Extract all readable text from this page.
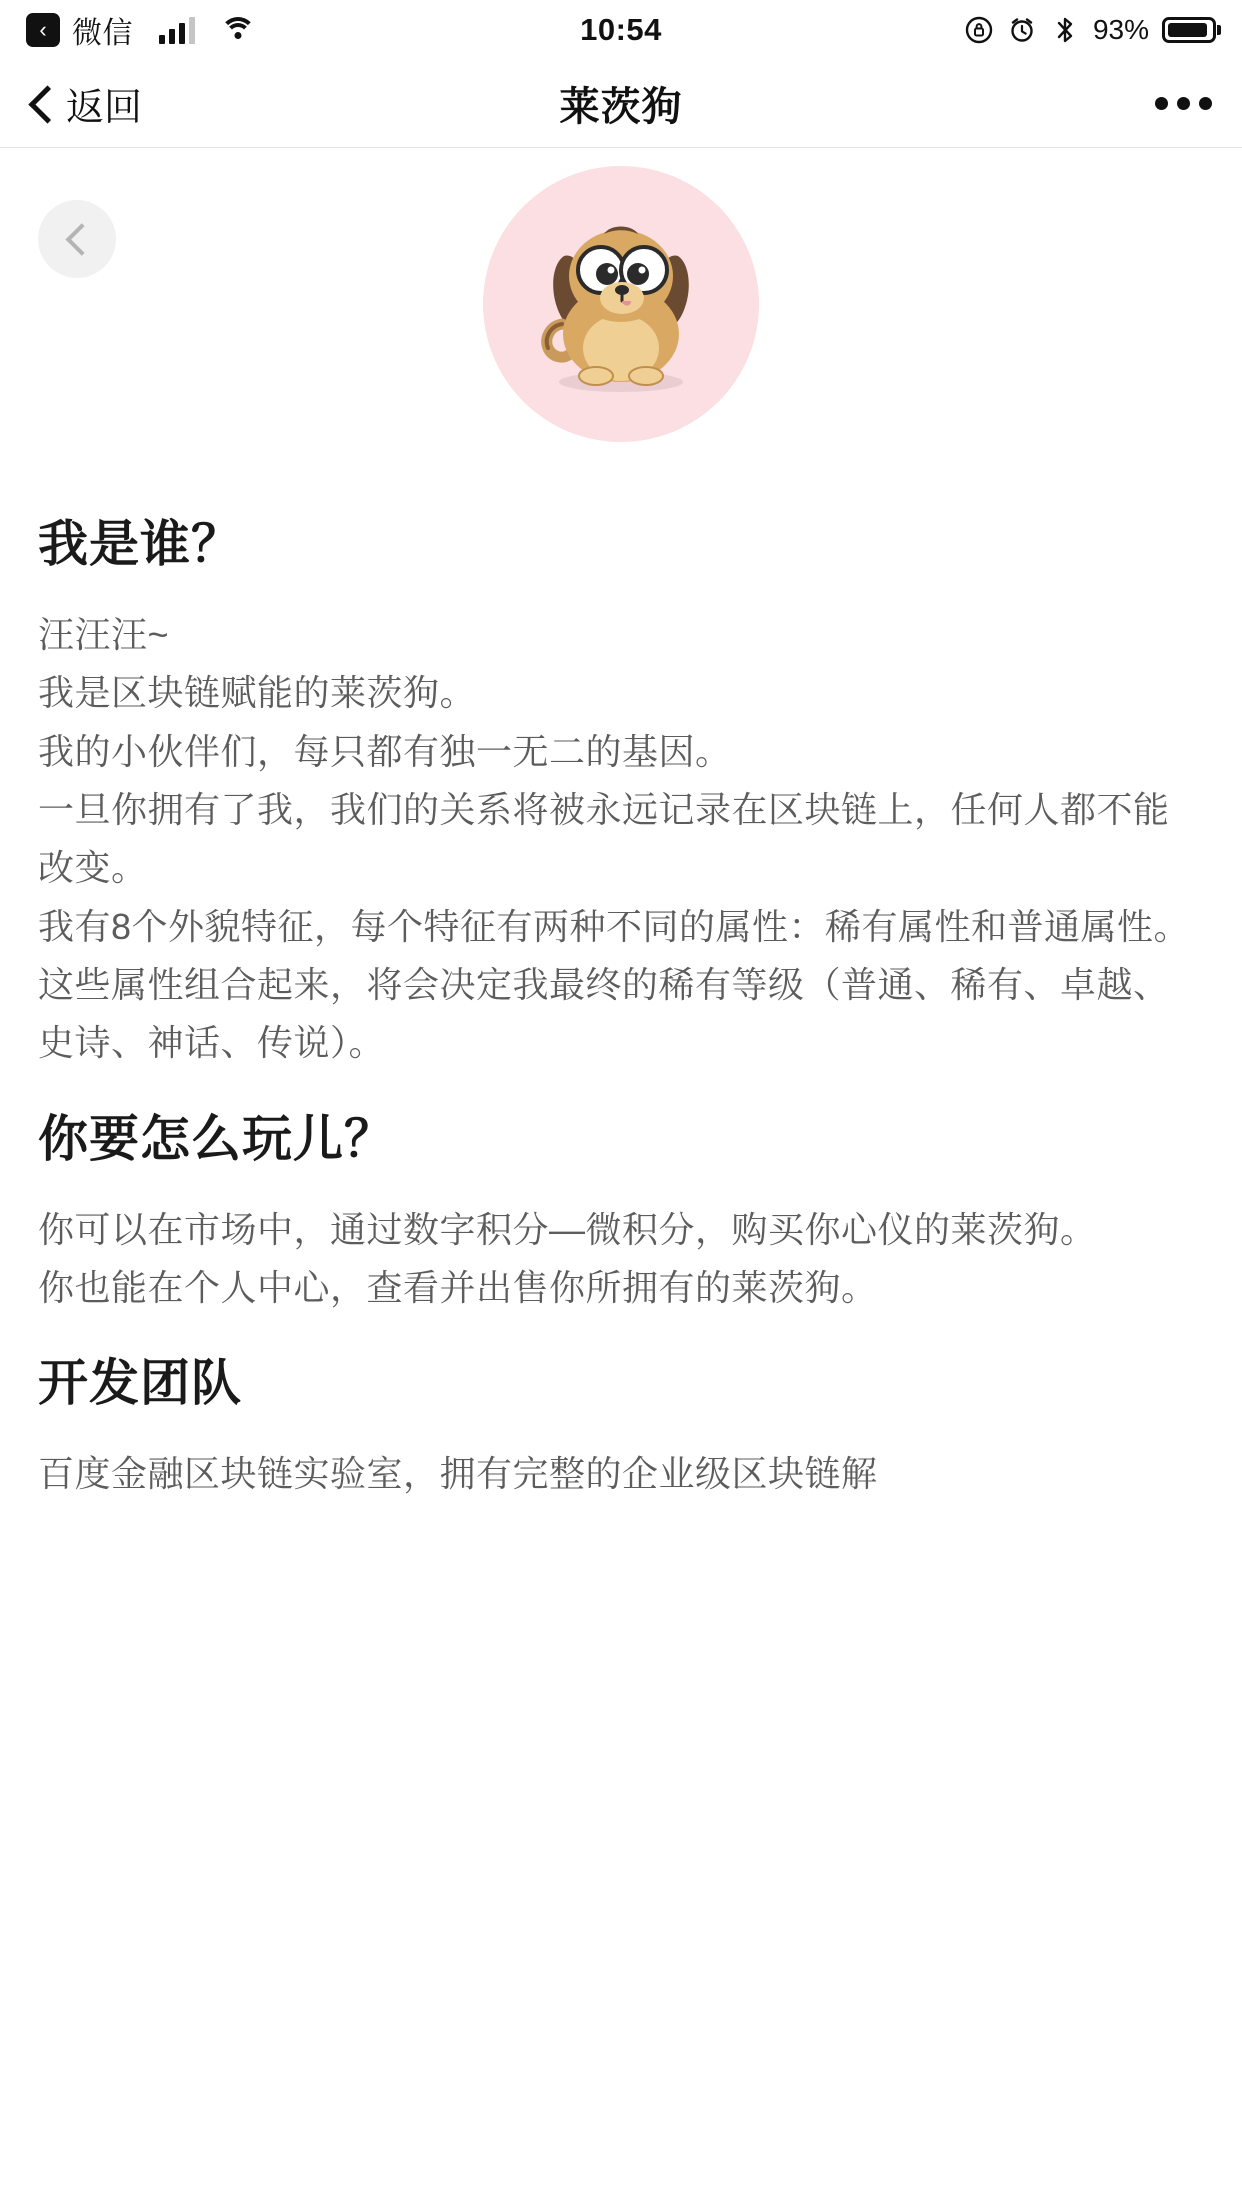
‹ 微信	10:54	93%
返回	莱茨狗
我是谁？

汪汪汪~

我是区块链赋能的莱茨狗。

我的小伙伴们，每只都有独一无二的基因。

一旦你拥有了我，我们的关系将被永远记录在区块链上，任何人都不能改变。

我有8个外貌特征，每个特征有两种不同的属性：稀有属性和普通属性。这些属性组合起来，将会决定我最终的稀有等级（普通、稀有、卓越、史诗、神话、传说）。

你要怎么玩儿？

你可以在市场中，通过数字积分—微积分，购买你心仪的莱茨狗。

你也能在个人中心，查看并出售你所拥有的莱茨狗。

开发团队

百度金融区块链实验室，拥有完整的企业级区块链解
